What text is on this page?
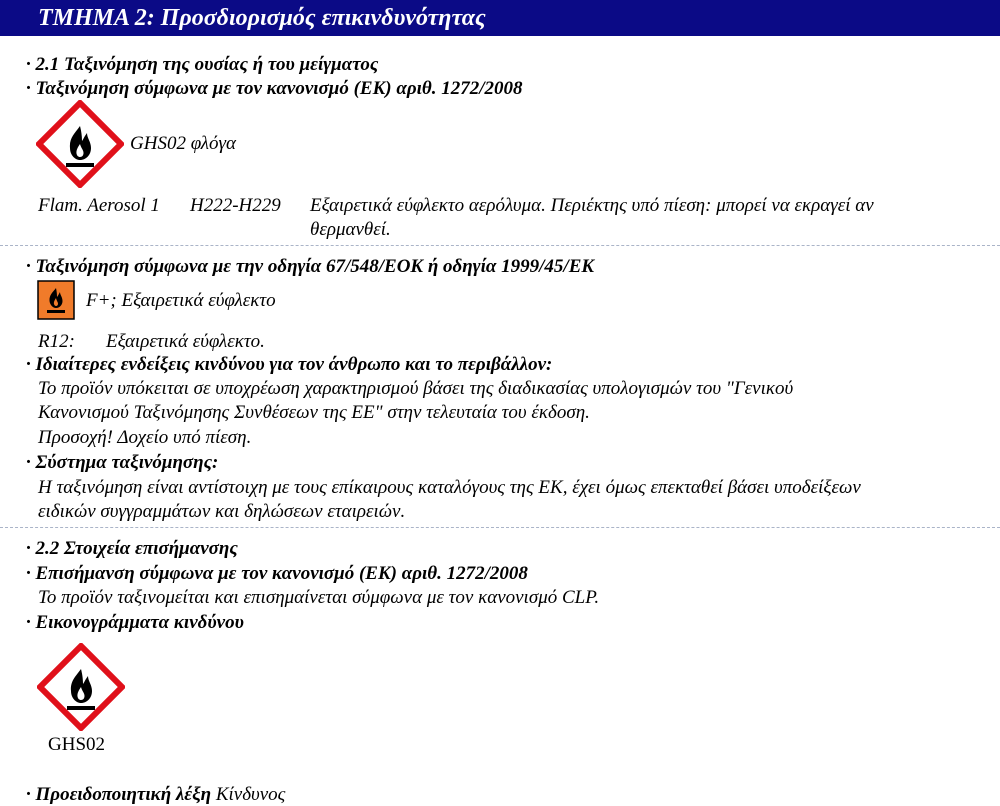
ΤΜΗΜΑ 2: Προσδιορισμός επικινδυνότητας
· 2.1 Ταξινόμηση της ουσίας ή του μείγματος
· Ταξινόμηση σύμφωνα με τον κανονισμό (ΕΚ) αριθ. 1272/2008
GHS02 φλόγα
Flam. Aerosol 1 H222-H229 Εξαιρετικά εύφλεκτο αερόλυμα. Περιέκτης υπό πίεση: μπορεί να εκραγεί αν
θερμανθεί.
· Ταξινόμηση σύμφωνα με την οδηγία 67/548/ΕΟΚ ή οδηγία 1999/45/ΕΚ
F+; Εξαιρετικά εύφλεκτο
R12: Εξαιρετικά εύφλεκτο.
· Ιδιαίτερες ενδείξεις κινδύνου για τον άνθρωπο και το περιβάλλον:
Το προϊόν υπόκειται σε υποχρέωση χαρακτηρισμού βάσει της διαδικασίας υπολογισμών του "Γενικού
Κανονισμού Ταξινόμησης Συνθέσεων της ΕΕ" στην τελευταία του έκδοση.
Προσοχή! Δοχείο υπό πίεση.
· Σύστημα ταξινόμησης:
Η ταξινόμηση είναι αντίστοιχη με τους επίκαιρους καταλόγους της ΕΚ, έχει όμως επεκταθεί βάσει υποδείξεων
ειδικών συγγραμμάτων και δηλώσεων εταιρειών.
· 2.2 Στοιχεία επισήμανσης
· Επισήμανση σύμφωνα με τον κανονισμό (ΕΚ) αριθ. 1272/2008
Το προϊόν ταξινομείται και επισημαίνεται σύμφωνα με τον κανονισμό CLP.
· Εικονογράμματα κινδύνου
GHS02
· Προειδοποιητική λέξη Κίνδυνος
